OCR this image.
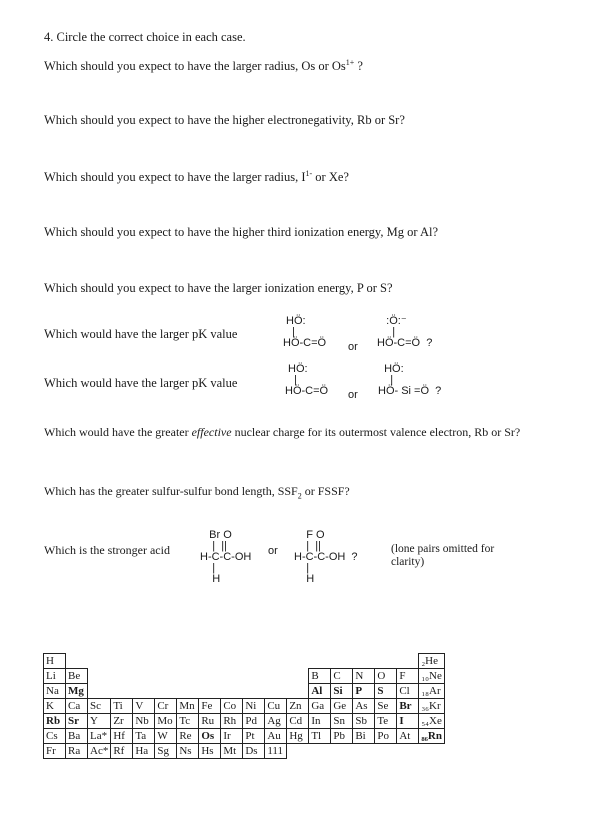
4. Circle the correct choice in each case.
Which should you expect to have the larger radius, Os or $Os^{1+}$ ?
Which should you expect to have the higher electronegativity, Rb or Sr?
Which should you expect to have the larger radius, $I^{1-}$ or Xe?
Which should you expect to have the higher third ionization energy, Mg or Al?
Which should you expect to have the larger ionization energy, P or S?
Which would have the larger pK value
Which would have the larger pK value
Which would have the greater effective nuclear charge for its outermost valence electron, Rb or Sr?
Which has the greater sulfur-sulfur bond length, $SSF_2$ or FSSF?
Which is the stronger acid
HÖ:
|
HÖ-C=Ö or
:Ö:⁻
|
HÖ-C=Ö  ?
HÖ:
|
HÖ-C=Ö or
HÖ:
|
HÖ- Si =Ö  ?
Br O
|  ||
H-C-C-OH
|
H
or
F O
|  ||
H-C-C-OH  ?
|
H
(lone pairs omitted for clarity)
H																	₂He
Li	Be											B	C	N	O	F	₁₀Ne
Na	Mg											Al	Si	P	S	Cl	₁₈Ar
K	Ca	Sc	Ti	V	Cr	Mn	Fe	Co	Ni	Cu	Zn	Ga	Ge	As	Se	Br	₃₆Kr
Rb	Sr	Y	Zr	Nb	Mo	Tc	Ru	Rh	Pd	Ag	Cd	In	Sn	Sb	Te	I	₅₄Xe
Cs	Ba	La*	Hf	Ta	W	Re	Os	Ir	Pt	Au	Hg	Tl	Pb	Bi	Po	At	₈₆Rn
Fr	Ra	Ac*	Rf	Ha	Sg	Ns	Hs	Mt	Ds	111							
